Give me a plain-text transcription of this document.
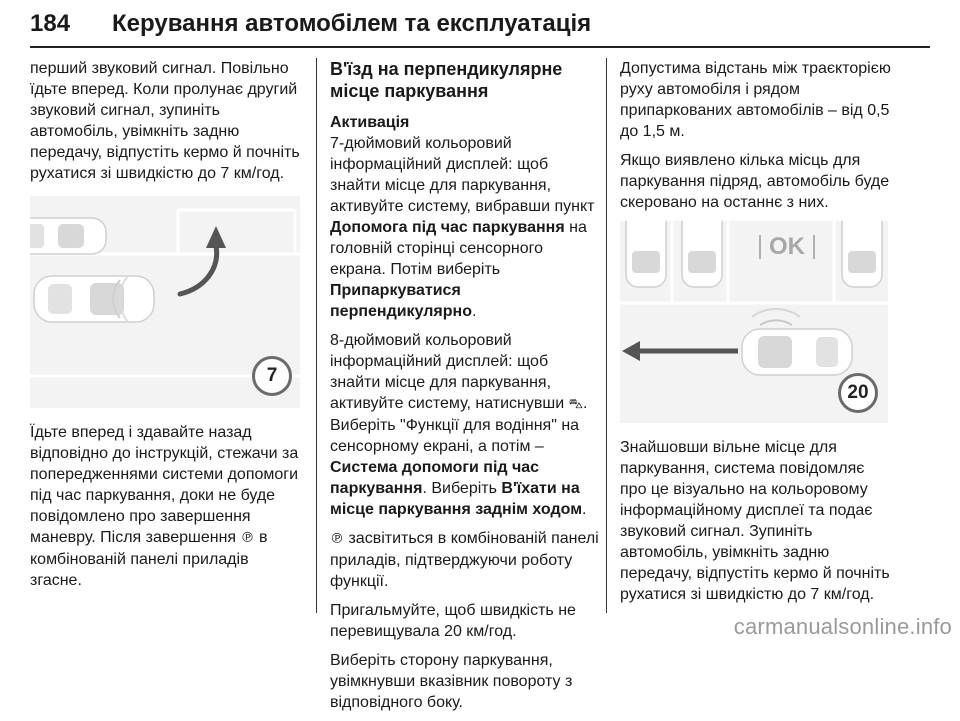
184 Керування автомобілем та експлуатація

перший звуковий сигнал. Повільно їдьте вперед. Коли пролунає другий звуковий сигнал, зупиніть автомобіль, увімкніть задню передачу, відпустіть кермо й почніть рухатися зі швидкістю до 7 км/год.

7

Їдьте вперед і здавайте назад відповідно до інструкцій, стежачи за попередженнями системи допомоги під час паркування, доки не буде повідомлено про завершення маневру. Після завершення ℗ в комбінованій панелі приладів згасне.

В'їзд на перпендикулярне місце паркування
Активація

7-дюймовий кольоровий інформаційний дисплей: щоб знайти місце для паркування, активуйте систему, вибравши пункт Допомога під час паркування на головній сторінці сенсорного екрана. Потім виберіть Припаркуватися перпендикулярно.

8-дюймовий кольоровий інформаційний дисплей: щоб знайти місце для паркування, активуйте систему, натиснувши ⛍. Виберіть "Функції для водіння" на сенсорному екрані, а потім – Система допомоги під час паркування. Виберіть В'їхати на місце паркування заднім ходом.

℗ засвітиться в комбінованій панелі приладів, підтверджуючи роботу функції.

Пригальмуйте, щоб швидкість не перевищувала 20 км/год.

Виберіть сторону паркування, увімкнувши вказівник повороту з відповідного боку.

Допустима відстань між траєкторією руху автомобіля і рядом припаркованих автомобілів – від 0,5 до 1,5 м.

Якщо виявлено кілька місць для паркування підряд, автомобіль буде скеровано на останнє з них.

OK
20

Знайшовши вільне місце для паркування, система повідомляє про це візуально на кольоровому інформаційному дисплеї та подає звуковий сигнал. Зупиніть автомобіль, увімкніть задню передачу, відпустіть кермо й почніть рухатися зі швидкістю до 7 км/год.

carmanualsonline.info
